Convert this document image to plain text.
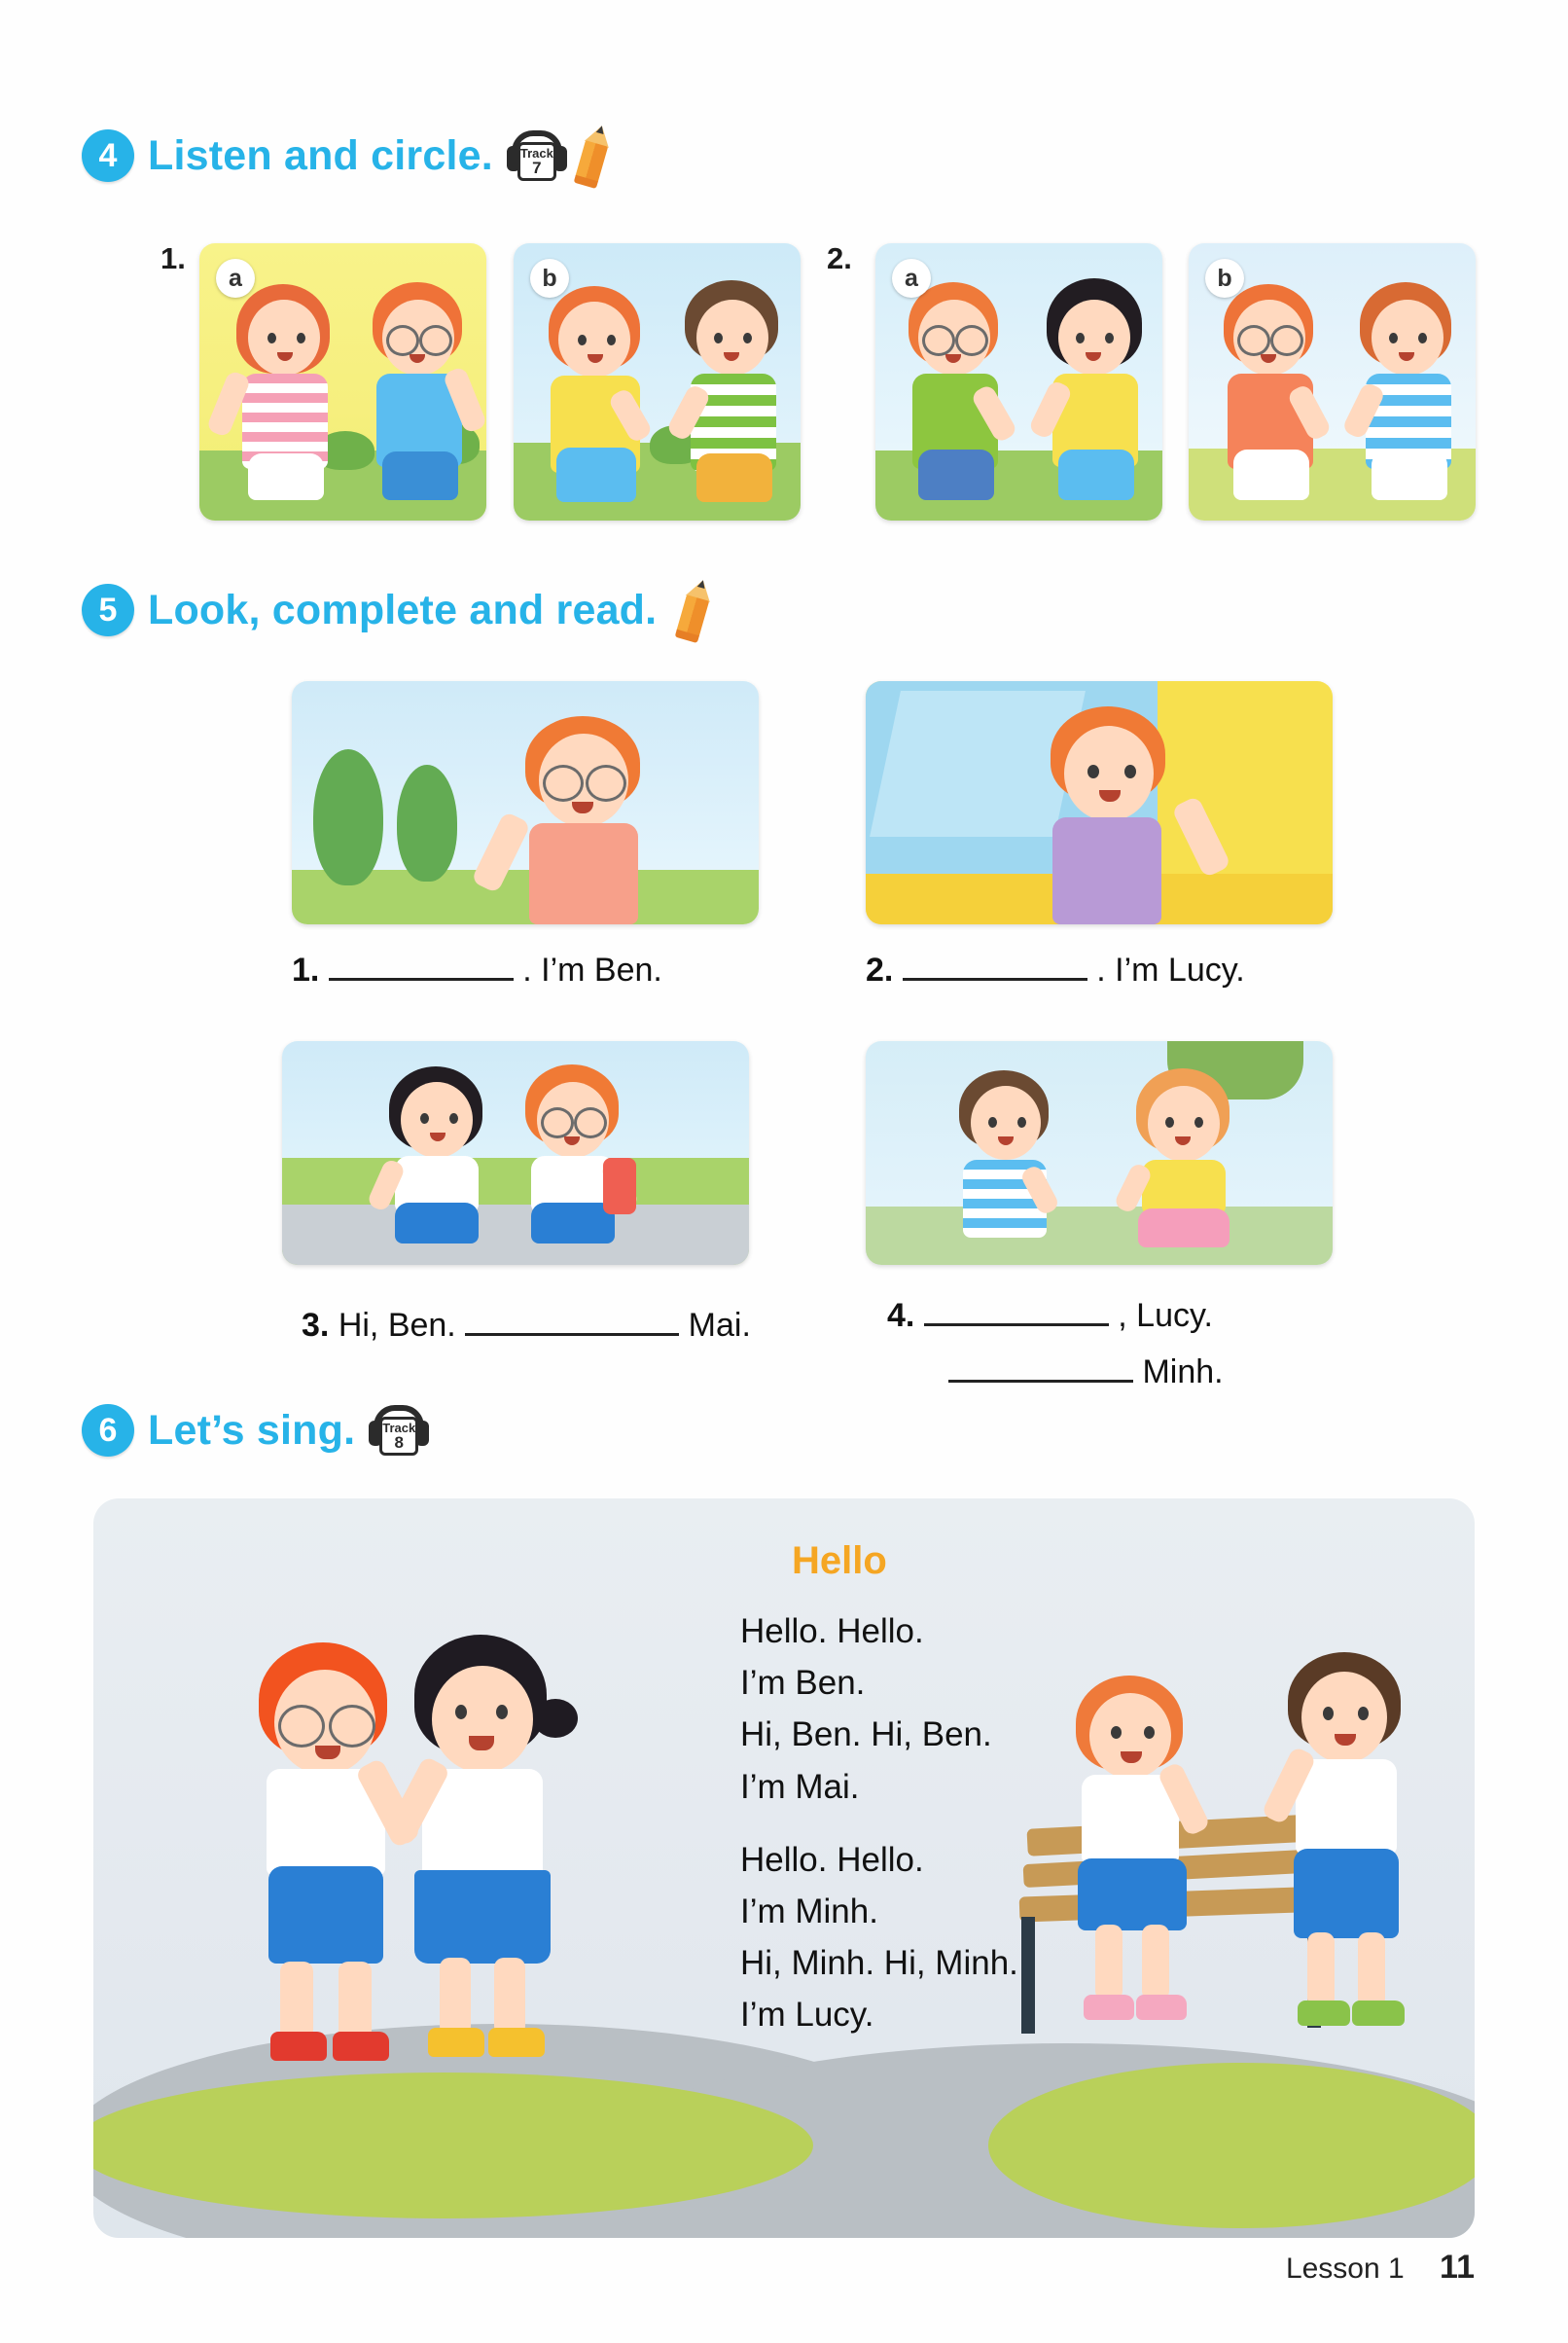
4 Listen and circle. Track
7
1.	2.
a	b	a	b
5 Look, complete and read.
1.	. I’m Ben.	2.	. I’m Lucy.
3. Hi, Ben.	Mai.	4.	, Lucy.
Minh.
6 Let’s sing. Track
8
Hello
Hello. Hello.
I’m Ben.
Hi, Ben. Hi, Ben.
I’m Mai.
Hello. Hello.
I’m Minh.
Hi, Minh. Hi, Minh.
I’m Lucy.
Lesson 1 11
